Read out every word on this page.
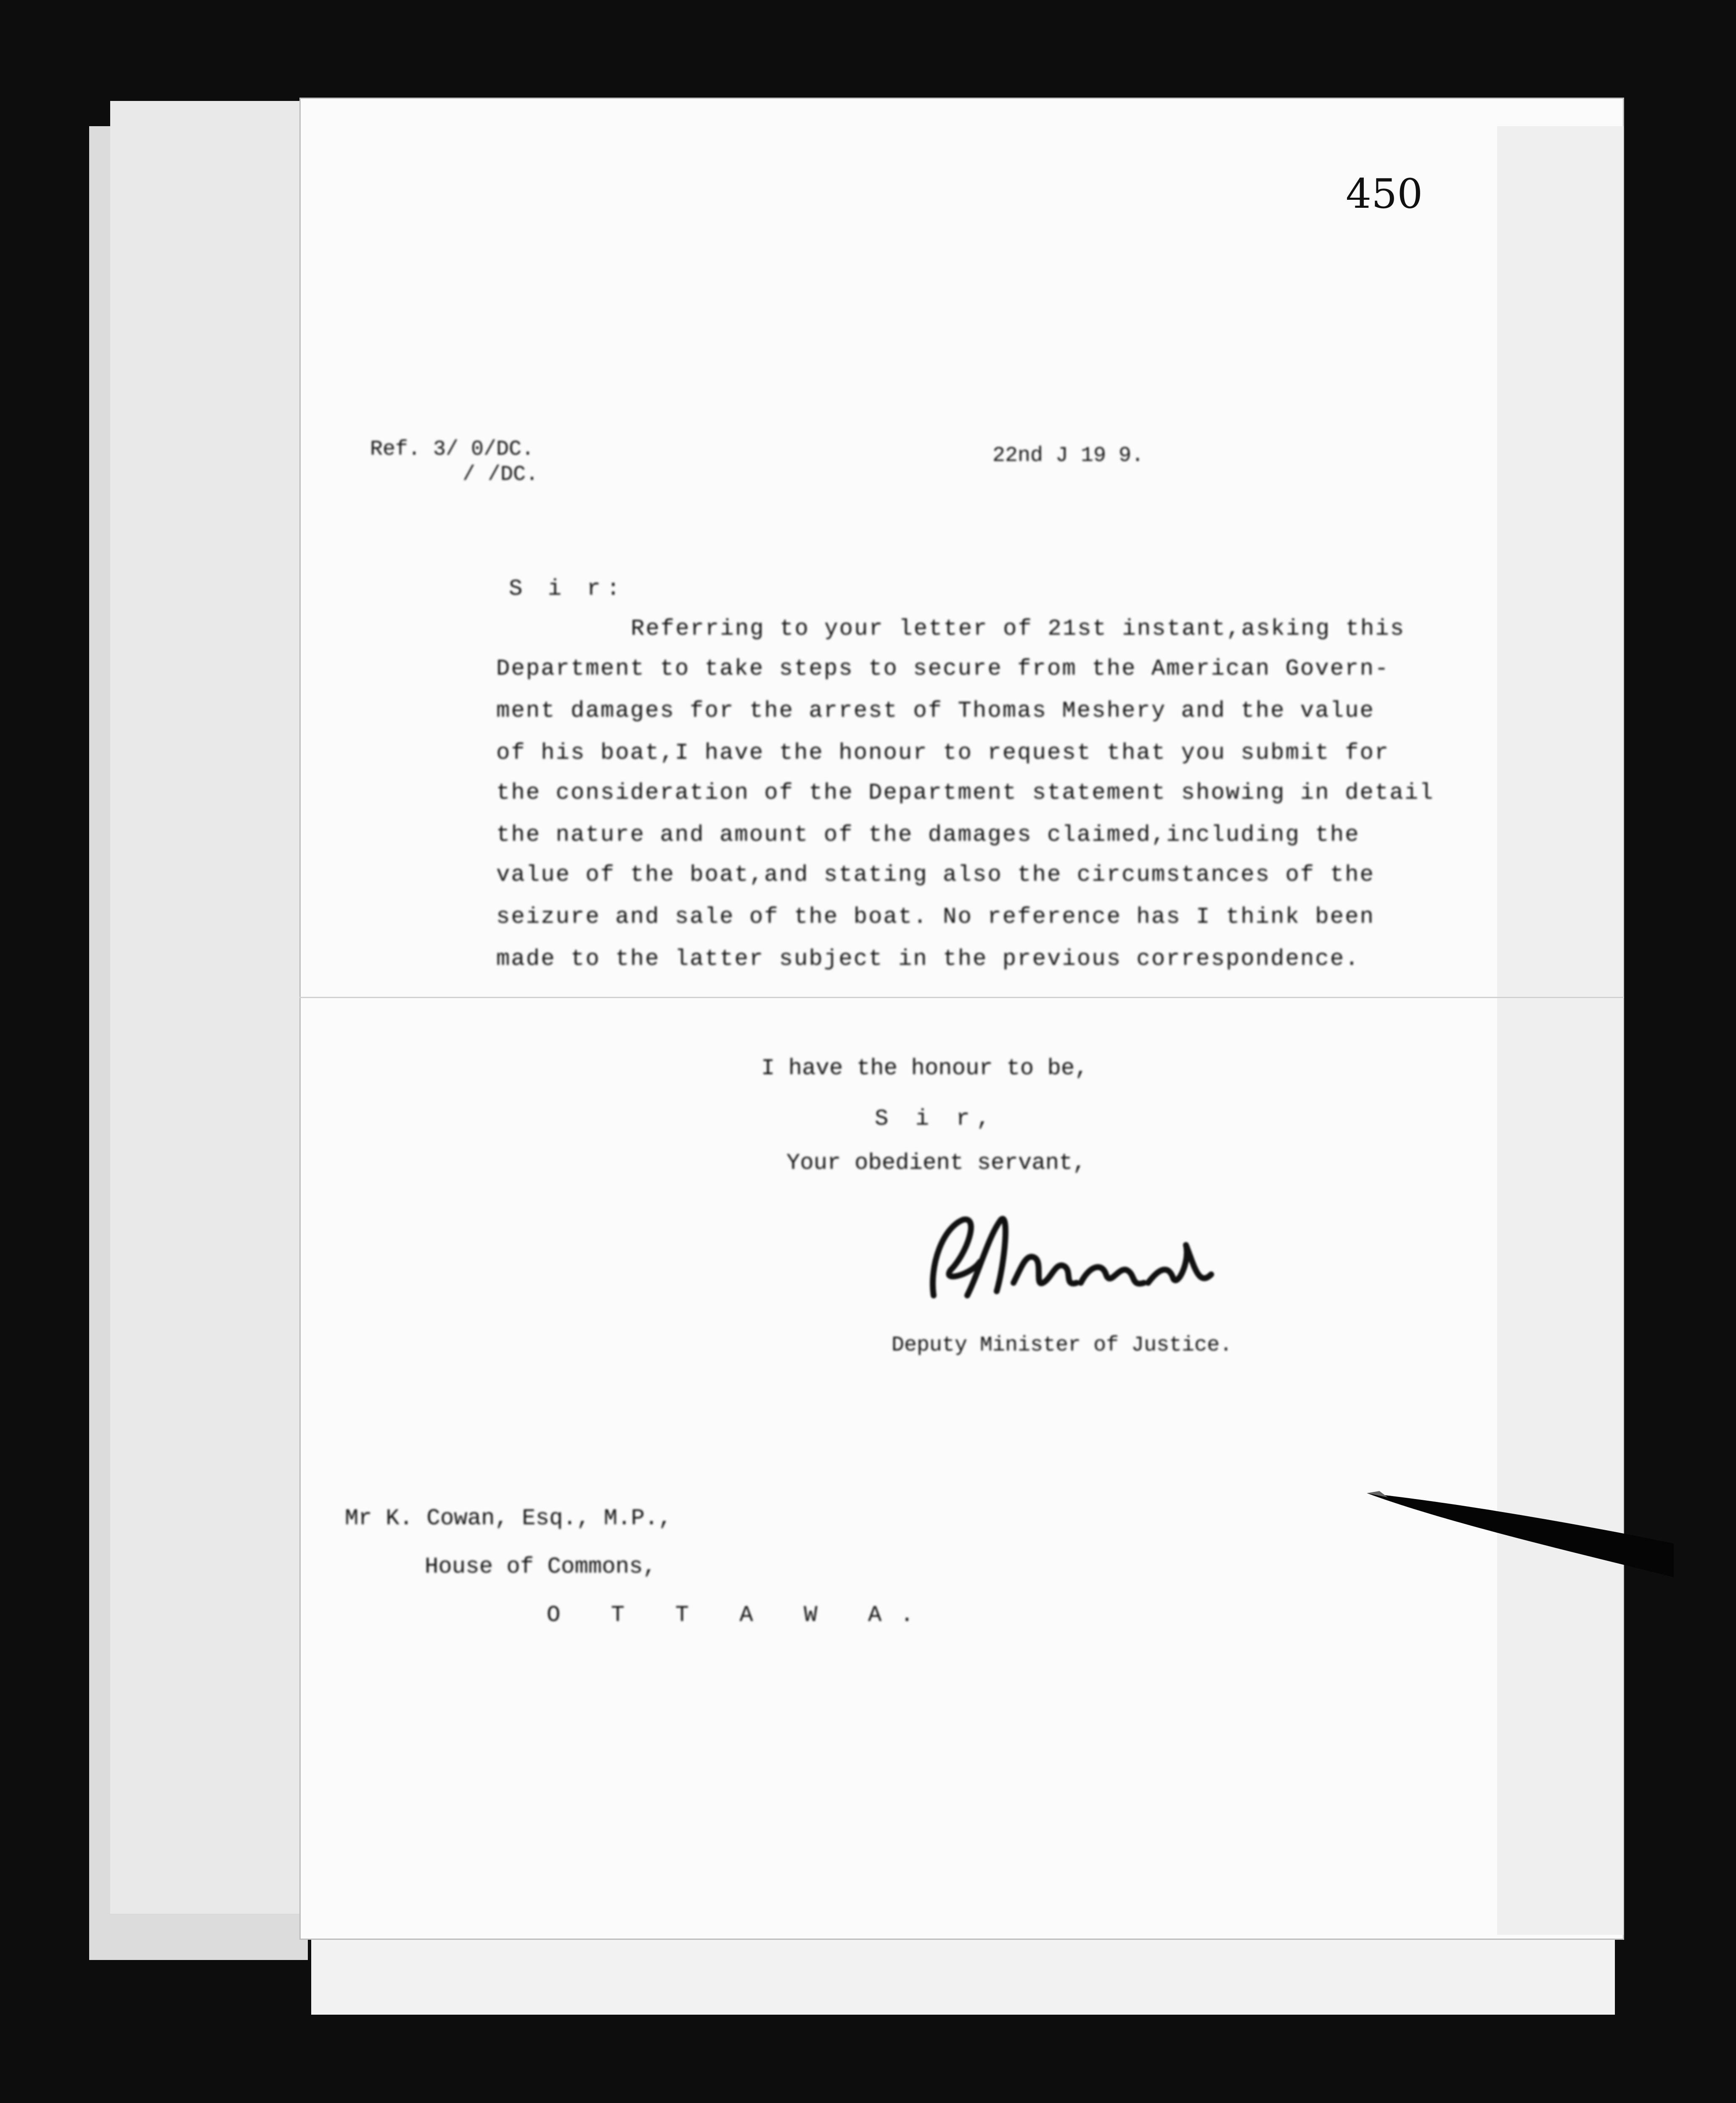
450
Ref. 3/ 0/DC.
/ /DC.
22nd J 19 9.
S i r:
Referring to your letter of 21st instant,asking this
Department to take steps to secure from the American Govern-
ment damages for the arrest of Thomas Meshery and the value
of his boat,I have the honour to request that you submit for
the consideration of the Department statement showing in detail
the nature and amount of the damages claimed,including the
value of the boat,and stating also the circumstances of the
seizure and sale of the boat. No reference has I think been
made to the latter subject in the previous correspondence.
I have the honour to be,
S i r,
Your obedient servant,
Deputy Minister of Justice.
Mr K. Cowan, Esq., M.P.,
House of Commons,
O T T A W A.
